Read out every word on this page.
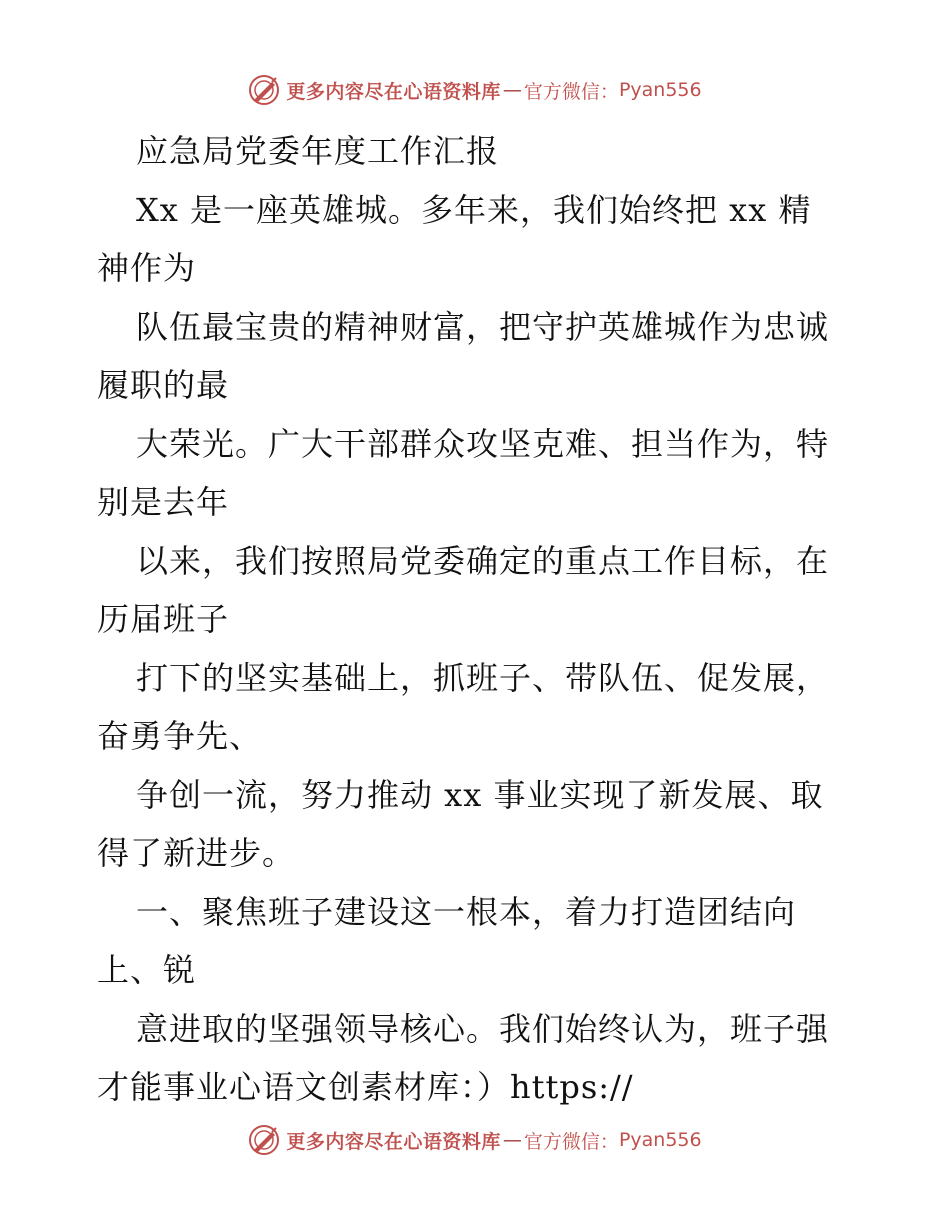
更多内容尽在心语资料库 — 官方微信： Pyan556
应急局党委年度工作汇报
Xx 是一座英雄城。多年来，我们始终把 xx 精
神作为
队伍最宝贵的精神财富，把守护英雄城作为忠诚
履职的最
大荣光。广大干部群众攻坚克难、担当作为，特
别是去年
以来，我们按照局党委确定的重点工作目标，在
历届班子
打下的坚实基础上，抓班子、带队伍、促发展，
奋勇争先、
争创一流，努力推动 xx 事业实现了新发展、取
得了新进步。
一、聚焦班子建设这一根本，着力打造团结向
上、锐
意进取的坚强领导核心。我们始终认为，班子强
才能事业心语文创素材库：）https://
更多内容尽在心语资料库 — 官方微信： Pyan556
